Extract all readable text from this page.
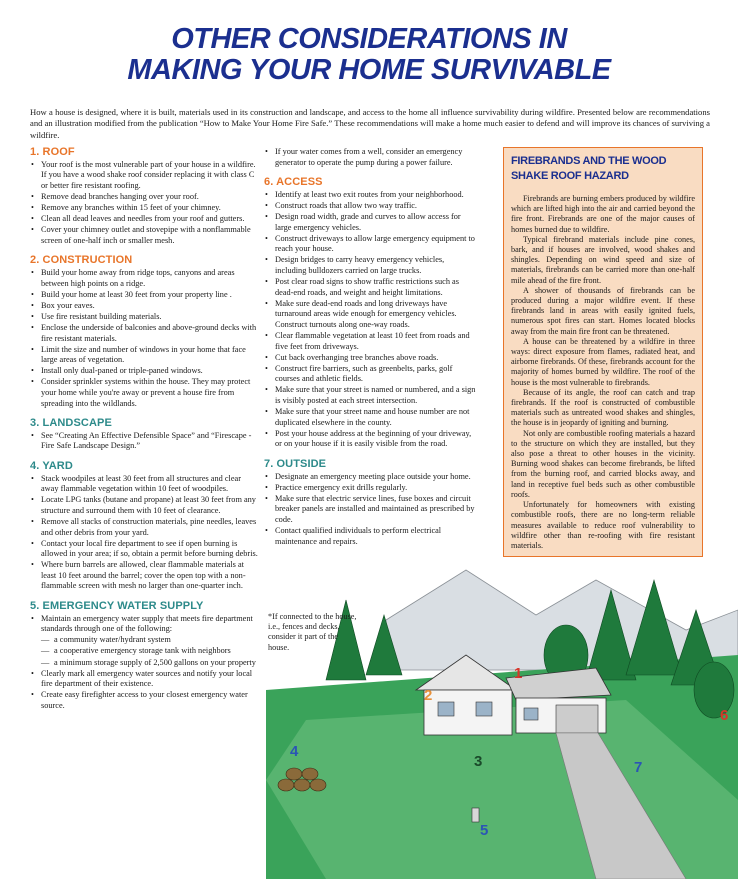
OTHER CONSIDERATIONS IN
MAKING YOUR HOME SURVIVABLE

How a house is designed, where it is built, materials used in its construction and landscape, and access to the home all influence survivability during wildfire. Presented below are recommendations and an illustration modified from the publication “How to Make Your Home Fire Safe.” These recommendations will make a home much easier to defend and will improve its chances of surviving a wildfire.

1. ROOF
• Your roof is the most vulnerable part of your house in a wildfire. If you have a wood shake roof consider replacing it with class C or better fire resistant roofing.
• Remove dead branches hanging over your roof.
• Remove any branches within 15 feet of your chimney.
• Clean all dead leaves and needles from your roof and gutters.
• Cover your chimney outlet and stovepipe with a nonflammable screen of one-half inch or smaller mesh.
2. CONSTRUCTION
• Build your home away from ridge tops, canyons and areas between high points on a ridge.
• Build your home at least 30 feet from your property line .
• Box your eaves.
• Use fire resistant building materials.
• Enclose the underside of balconies and above-ground decks with fire resistant materials.
• Limit the size and number of windows in your home that face large areas of vegetation.
• Install only dual-paned or triple-paned windows.
• Consider sprinkler systems within the house. They may protect your home while you're away or prevent a house fire from spreading into the wildlands.
3. LANDSCAPE
• See “Creating An Effective Defensible Space” and “Firescape - Fire Safe Landscape Design.”
4. YARD
• Stack woodpiles at least 30 feet from all structures and clear away flammable vegetation within 10 feet of woodpiles.
• Locate LPG tanks (butane and propane) at least 30 feet from any structure and surround them with 10 feet of clearance.
• Remove all stacks of construction materials, pine needles, leaves and other debris from your yard.
• Contact your local fire department to see if open burning is allowed in your area; if so, obtain a permit before burning debris.
• Where burn barrels are allowed, clear flammable materials at least 10 feet around the barrel; cover the open top with a non-flammable screen with mesh no larger than one-quarter inch.
5. EMERGENCY WATER SUPPLY
• Maintain an emergency water supply that meets fire department standards through one of the following:
— a community water/hydrant system
— a cooperative emergency storage tank with neighbors
— a minimum storage supply of 2,500 gallons on your property
• Clearly mark all emergency water sources and notify your local fire department of their existence.
• Create easy firefighter access to your closest emergency water source.
• If your water comes from a well, consider an emergency generator to operate the pump during a power failure.
6. ACCESS
• Identify at least two exit routes from your neighborhood.
• Construct roads that allow two way traffic.
• Design road width, grade and curves to allow access for large emergency vehicles.
• Construct driveways to allow large emergency equipment to reach your house.
• Design bridges to carry heavy emergency vehicles, including bulldozers carried on large trucks.
• Post clear road signs to show traffic restrictions such as dead-end roads, and weight and height limitations.
• Make sure dead-end roads and long driveways have turnaround areas wide enough for emergency vehicles. Construct turnouts along one-way roads.
• Clear flammable vegetation at least 10 feet from roads and five feet from driveways.
• Cut back overhanging tree branches above roads.
• Construct fire barriers, such as greenbelts, parks, golf courses and athletic fields.
• Make sure that your street is named or numbered, and a sign is visibly posted at each street intersection.
• Make sure that your street name and house number are not duplicated elsewhere in the county.
• Post your house address at the beginning of your driveway, or on your house if it is easily visible from the road.
7. OUTSIDE
• Designate an emergency meeting place outside your home.
• Practice emergency exit drills regularly.
• Make sure that electric service lines, fuse boxes and circuit breaker panels are installed and maintained as prescribed by code.
• Contact qualified individuals to perform electrical maintenance and repairs.
FIREBRANDS AND THE WOOD
SHAKE ROOF HAZARD

Firebrands are burning embers produced by wildfire which are lifted high into the air and carried beyond the fire front. Firebrands are one of the major causes of homes burned due to wildfire.

Typical firebrand materials include pine cones, bark, and if houses are involved, wood shakes and shingles. Depending on wind speed and size of materials, firebrands can be carried more than one-half mile ahead of the fire front.

A shower of thousands of firebrands can be produced during a major wildfire event. If these firebrands land in areas with easily ignited fuels, numerous spot fires can start. Homes located blocks away from the main fire front can be threatened.

A house can be threatened by a wildfire in three ways: direct exposure from flames, radiated heat, and airborne firebrands. Of these, firebrands account for the majority of homes burned by wildfire. The roof of the house is the most vulnerable to firebrands.

Because of its angle, the roof can catch and trap firebrands. If the roof is constructed of combustible materials such as untreated wood shakes and shingles, the house is in jeopardy of igniting and burning.

Not only are combustible roofing materials a hazard to the structure on which they are installed, but they also pose a threat to other houses in the vicinity. Burning wood shakes can become firebrands, be lifted from the burning roof, and carried blocks away, and land in receptive fuel beds such as other combustible roofs.

Unfortunately for homeowners with existing combustible roofs, there are no long-term reliable measures available to reduce roof vulnerability to wildfire other than re-roofing with fire resistant materials.

1
2
3
4
5
6
7
*If connected to the house, i.e., fences and decks, consider it part of the house.
